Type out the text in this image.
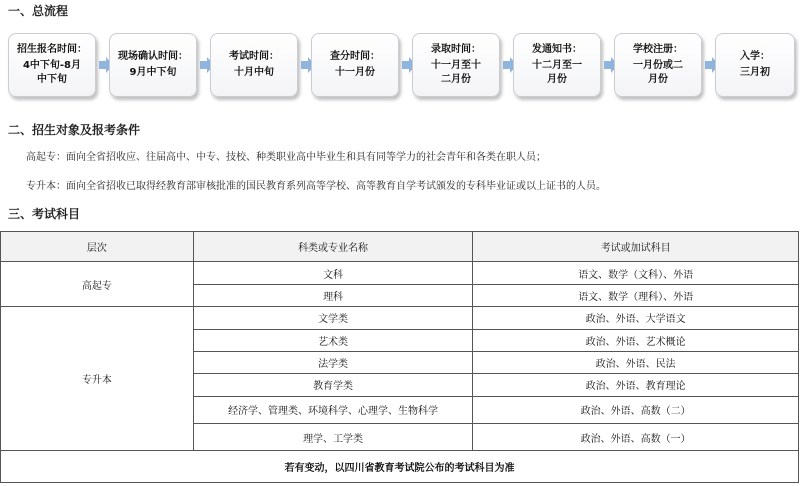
一、总流程
招生报名时间：
4中下旬-8月
中下旬
现场确认时间：
9月中下旬
考试时间：
十月中旬
查分时间：
十一月份
录取时间：
十一月至十
二月份
发通知书：
十二月至一
月份
学校注册：
一月份或二
月份
入学：
三月初
二、招生对象及报考条件
高起专：面向全省招收应、往届高中、中专、技校、种类职业高中毕业生和具有同等学力的社会青年和各类在职人员；
专升本：面向全省招收已取得经教育部审核批准的国民教育系列高等学校、高等教育自学考试颁发的专科毕业证或以上证书的人员。
三、考试科目
层次	科类或专业名称	考试或加试科目
高起专	文科	语文、数学（文科）、外语
	理科	语文、数学（理科）、外语
专升本	文学类	政治、外语、大学语文
	艺术类	政治、外语、艺术概论
	法学类	政治、外语、民法
	教育学类	政治、外语、教育理论
	经济学、管理类、环境科学、心理学、生物科学	政治、外语、高数（二）
	理学、工学类	政治、外语、高数（一）
若有变动，以四川省教育考试院公布的考试科目为准		
